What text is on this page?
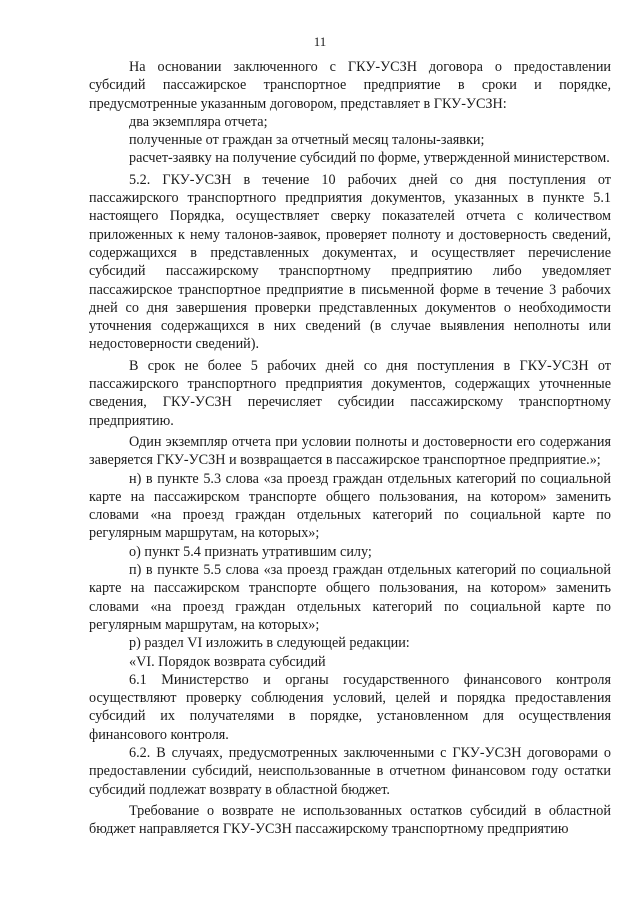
11

На основании заключенного с ГКУ-УСЗН договора о предоставлении субсидий пассажирское транспортное предприятие в сроки и порядке, предусмотренные указанным договором, представляет в ГКУ-УСЗН:

два экземпляра отчета;

полученные от граждан за отчетный месяц талоны-заявки;

расчет-заявку на получение субсидий по форме, утвержденной министерством.

5.2. ГКУ-УСЗН в течение 10 рабочих дней со дня поступления от пассажирского транспортного предприятия документов, указанных в пункте 5.1 настоящего Порядка, осуществляет сверку показателей отчета с количеством приложенных к нему талонов-заявок, проверяет полноту и достоверность сведений, содержащихся в представленных документах, и осуществляет перечисление субсидий пассажирскому транспортному предприятию либо уведомляет пассажирское транспортное предприятие в письменной форме в течение 3 рабочих дней со дня завершения проверки представленных документов о необходимости уточнения содержащихся в них сведений (в случае выявления неполноты или недостоверности сведений).

В срок не более 5 рабочих дней со дня поступления в ГКУ-УСЗН от пассажирского транспортного предприятия документов, содержащих уточненные сведения, ГКУ-УСЗН перечисляет субсидии пассажирскому транспортному предприятию.

Один экземпляр отчета при условии полноты и достоверности его содержания заверяется ГКУ-УСЗН и возвращается в пассажирское транспортное предприятие.»;

н) в пункте 5.3 слова «за проезд граждан отдельных категорий по социальной карте на пассажирском транспорте общего пользования, на котором» заменить словами «на проезд граждан отдельных категорий по социальной карте по регулярным маршрутам, на которых»;

о) пункт 5.4 признать утратившим силу;

п) в пункте 5.5 слова «за проезд граждан отдельных категорий по социальной карте на пассажирском транспорте общего пользования, на котором» заменить словами «на проезд граждан отдельных категорий по социальной карте по регулярным маршрутам, на которых»;

р) раздел VI изложить в следующей редакции:

«VI. Порядок возврата субсидий

6.1 Министерство и органы государственного финансового контроля осуществляют проверку соблюдения условий, целей и порядка предоставления субсидий их получателями в порядке, установленном для осуществления финансового контроля.

6.2. В случаях, предусмотренных заключенными с ГКУ-УСЗН договорами о предоставлении субсидий, неиспользованные в отчетном финансовом году остатки субсидий подлежат возврату в областной бюджет.

Требование о возврате не использованных остатков субсидий в областной бюджет направляется ГКУ-УСЗН пассажирскому транспортному предприятию
